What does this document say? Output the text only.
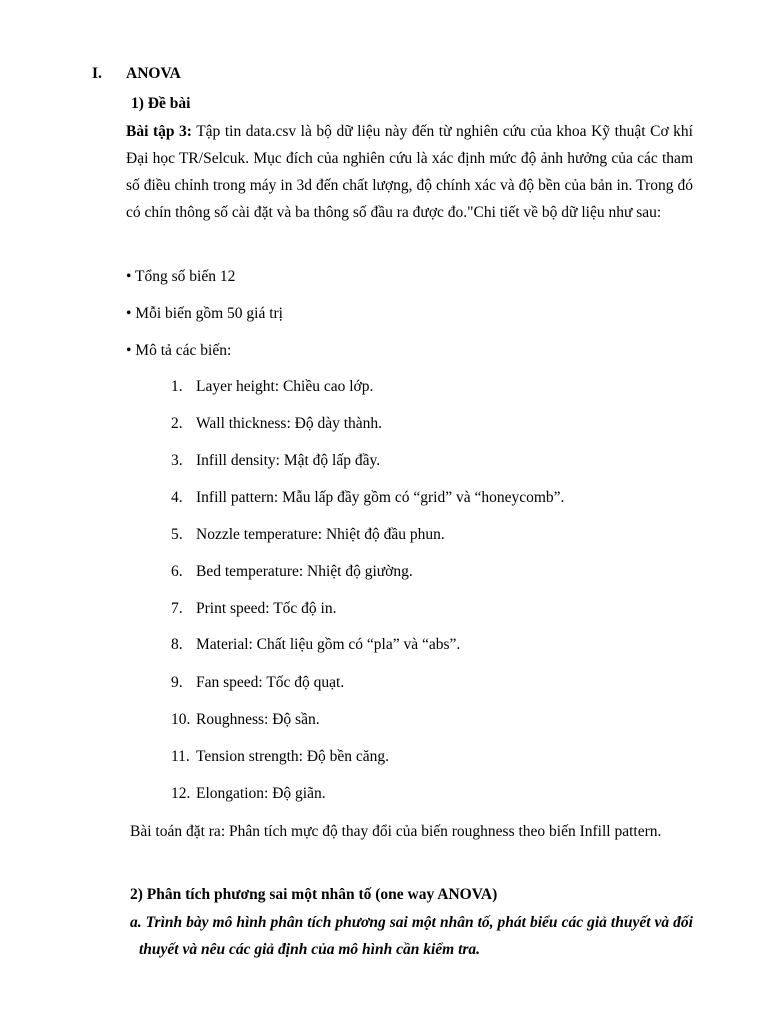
I. ANOVA
1) Đề bài
Bài tập 3: Tập tin data.csv là bộ dữ liệu này đến từ nghiên cứu của khoa Kỹ thuật Cơ khí Đại học TR/Selcuk. Mục đích của nghiên cứu là xác định mức độ ảnh hưởng của các tham số điều chỉnh trong máy in 3d đến chất lượng, độ chính xác và độ bền của bản in. Trong đó có chín thông số cài đặt và ba thông số đầu ra được đo."Chi tiết về bộ dữ liệu như sau:
• Tổng số biến 12
• Mỗi biến gồm 50 giá trị
• Mô tả các biến:
1. Layer height: Chiều cao lớp.
2. Wall thickness: Độ dày thành.
3. Infill density: Mật độ lấp đầy.
4. Infill pattern: Mẫu lấp đầy gồm có “grid” và “honeycomb”.
5. Nozzle temperature: Nhiệt độ đầu phun.
6. Bed temperature: Nhiệt độ giường.
7. Print speed: Tốc độ in.
8. Material: Chất liệu gồm có “pla” và “abs”.
9. Fan speed: Tốc độ quạt.
10. Roughness: Độ sần.
11. Tension strength: Độ bền căng.
12. Elongation: Độ giãn.
Bài toán đặt ra: Phân tích mực độ thay đổi của biến roughness theo biến Infill pattern.
2) Phân tích phương sai một nhân tố (one way ANOVA)
a. Trình bày mô hình phân tích phương sai một nhân tố, phát biểu các giả thuyết và đối thuyết và nêu các giả định của mô hình cần kiểm tra.
